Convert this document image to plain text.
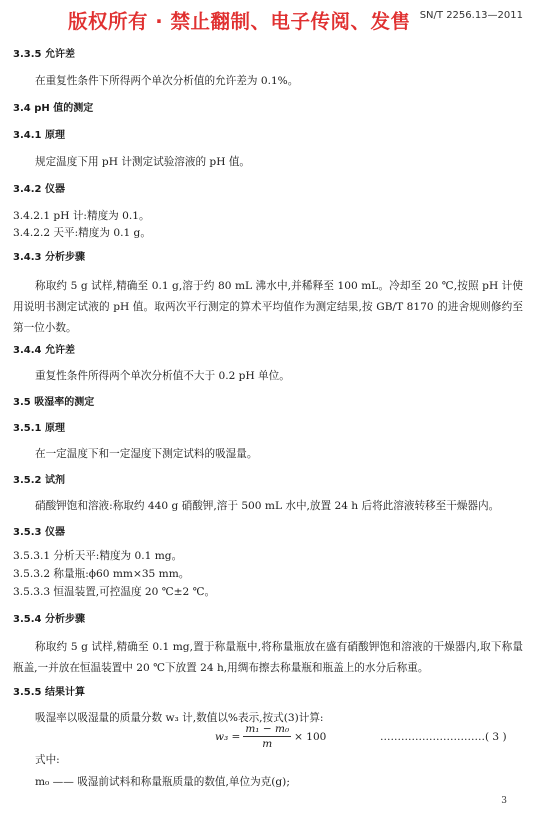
版权所有 · 禁止翻制、电子传阅、发售 SN/T 2256.13—2011
3.3.5 允许差
在重复性条件下所得两个单次分析值的允许差为 0.1%。
3.4 pH 值的测定
3.4.1 原理
规定温度下用 pH 计测定试验溶液的 pH 值。
3.4.2 仪器
3.4.2.1 pH 计:精度为 0.1。
3.4.2.2 天平:精度为 0.1 g。
3.4.3 分析步骤
称取约 5 g 试样,精确至 0.1 g,溶于约 80 mL 沸水中,并稀释至 100 mL。冷却至 20 ℃,按照 pH 计使用说明书测定试液的 pH 值。取两次平行测定的算术平均值作为测定结果,按 GB/T 8170 的进舍规则修约至第一位小数。
3.4.4 允许差
重复性条件所得两个单次分析值不大于 0.2 pH 单位。
3.5 吸湿率的测定
3.5.1 原理
在一定温度下和一定湿度下测定试料的吸湿量。
3.5.2 试剂
硝酸钾饱和溶液:称取约 440 g 硝酸钾,溶于 500 mL 水中,放置 24 h 后将此溶液转移至干燥器内。
3.5.3 仪器
3.5.3.1 分析天平:精度为 0.1 mg。
3.5.3.2 称量瓶:ϕ60 mm×35 mm。
3.5.3.3 恒温装置,可控温度 20 ℃±2 ℃。
3.5.4 分析步骤
称取约 5 g 试样,精确至 0.1 mg,置于称量瓶中,将称量瓶放在盛有硝酸钾饱和溶液的干燥器内,取下称量瓶盖,一并放在恒温装置中 20 ℃下放置 24 h,用绸布擦去称量瓶和瓶盖上的水分后称重。
3.5.5 结果计算
吸湿率以吸湿量的质量分数 w₃ 计,数值以%表示,按式(3)计算:
式中:
m₀ —— 吸湿前试料和称量瓶质量的数值,单位为克(g);
$w_3 = \frac{\text{m₁ − m₀}}{m} \times 100$	…………………………( 3 )
3
